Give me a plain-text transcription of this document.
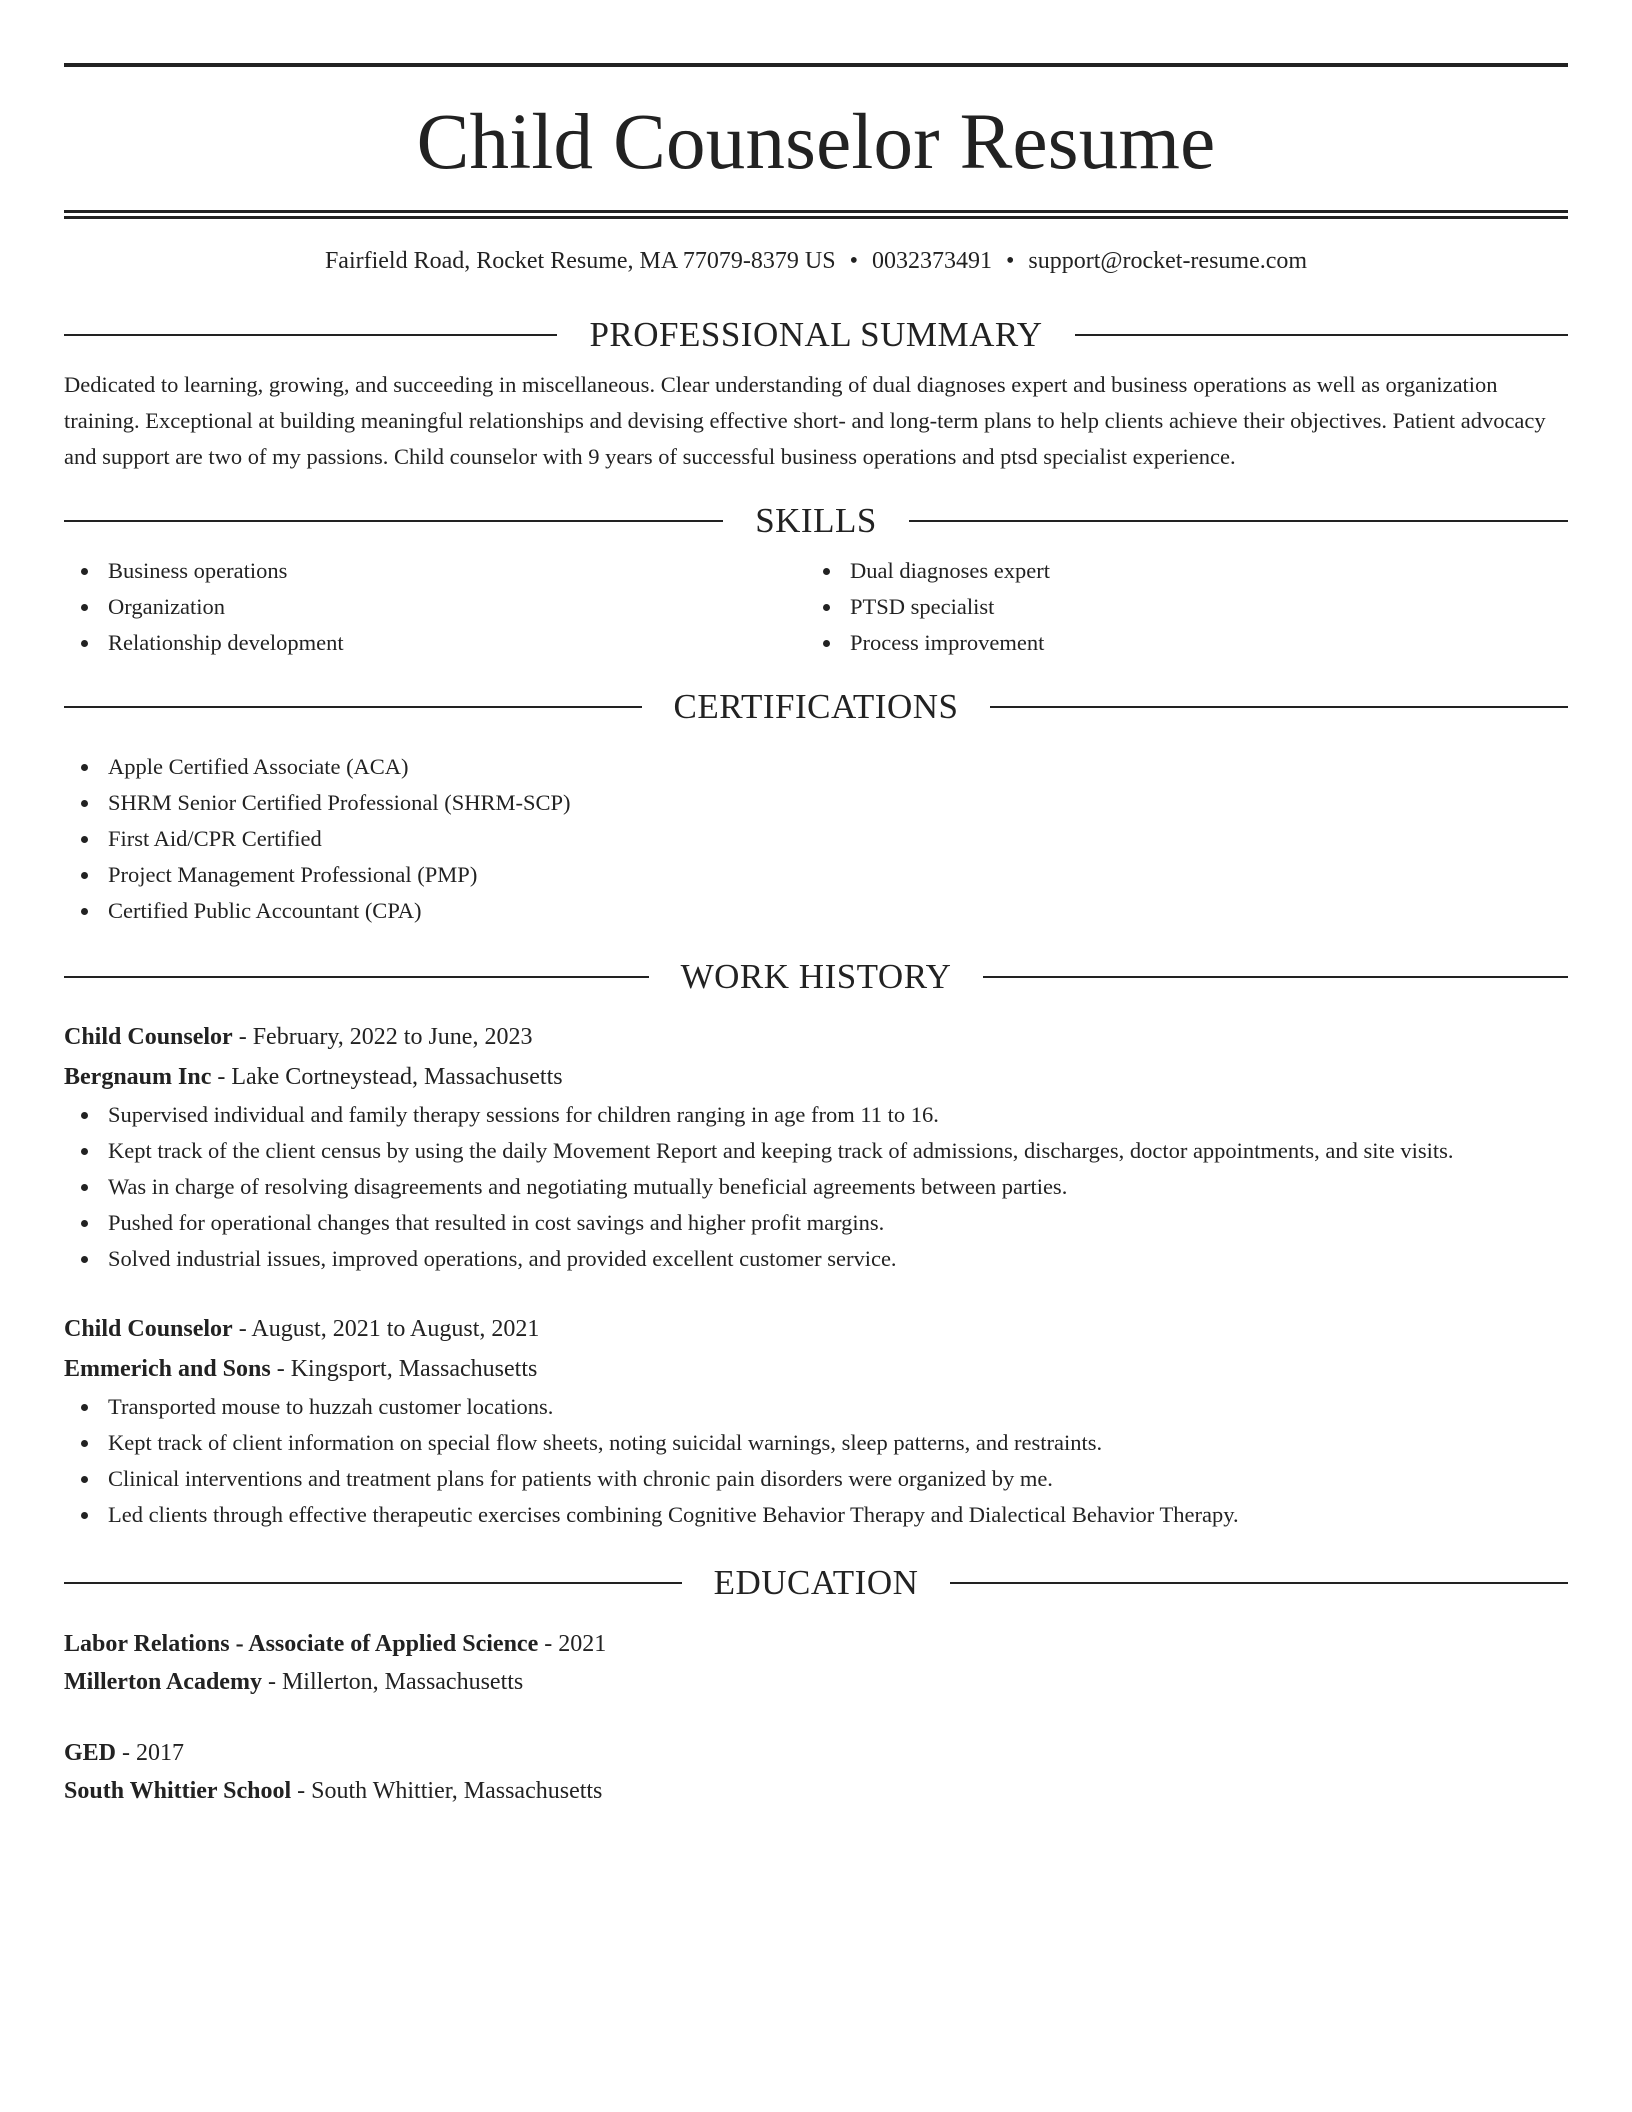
Child Counselor Resume
Fairfield Road, Rocket Resume, MA 77079-8379 US • 0032373491 • support@rocket-resume.com
PROFESSIONAL SUMMARY
Dedicated to learning, growing, and succeeding in miscellaneous. Clear understanding of dual diagnoses expert and business operations as well as organization training. Exceptional at building meaningful relationships and devising effective short- and long-term plans to help clients achieve their objectives. Patient advocacy and support are two of my passions. Child counselor with 9 years of successful business operations and ptsd specialist experience.
SKILLS
Business operations
Organization
Relationship development
Dual diagnoses expert
PTSD specialist
Process improvement
CERTIFICATIONS
Apple Certified Associate (ACA)
SHRM Senior Certified Professional (SHRM-SCP)
First Aid/CPR Certified
Project Management Professional (PMP)
Certified Public Accountant (CPA)
WORK HISTORY
Child Counselor - February, 2022 to June, 2023
Bergnaum Inc - Lake Cortneystead, Massachusetts
Supervised individual and family therapy sessions for children ranging in age from 11 to 16.
Kept track of the client census by using the daily Movement Report and keeping track of admissions, discharges, doctor appointments, and site visits.
Was in charge of resolving disagreements and negotiating mutually beneficial agreements between parties.
Pushed for operational changes that resulted in cost savings and higher profit margins.
Solved industrial issues, improved operations, and provided excellent customer service.
Child Counselor - August, 2021 to August, 2021
Emmerich and Sons - Kingsport, Massachusetts
Transported mouse to huzzah customer locations.
Kept track of client information on special flow sheets, noting suicidal warnings, sleep patterns, and restraints.
Clinical interventions and treatment plans for patients with chronic pain disorders were organized by me.
Led clients through effective therapeutic exercises combining Cognitive Behavior Therapy and Dialectical Behavior Therapy.
EDUCATION
Labor Relations - Associate of Applied Science - 2021
Millerton Academy - Millerton, Massachusetts
GED - 2017
South Whittier School - South Whittier, Massachusetts
